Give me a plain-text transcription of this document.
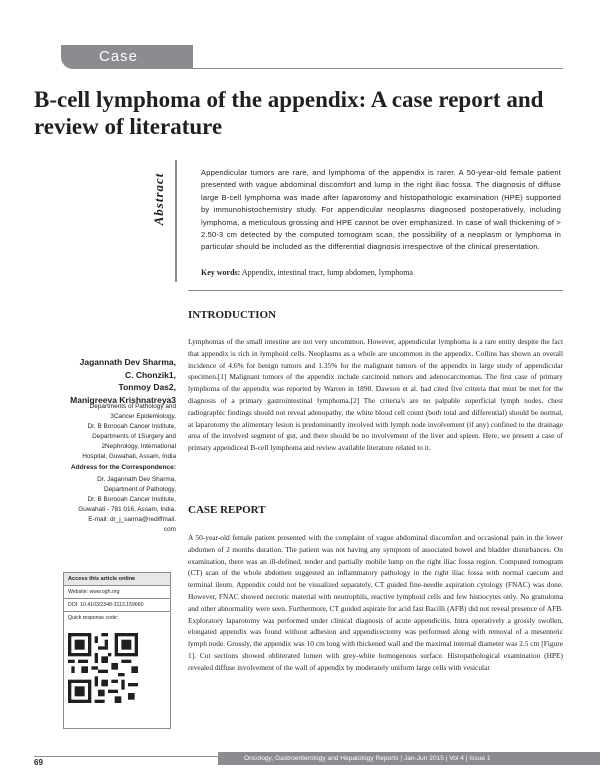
Case Report
B-cell lymphoma of the appendix: A case report and review of literature
Abstract

Appendicular tumors are rare, and lymphoma of the appendix is rarer. A 50-year-old female patient presented with vague abdominal discomfort and lump in the right iliac fossa. The diagnosis of diffuse large B-cell lymphoma was made after laparotomy and histopathologic examination (HPE) supported by immunohistochemistry study. For appendicular neoplasms diagnosed postoperatively, including lymphoma, a meticulous grossing and HPE cannot be over emphasized. In case of wall thickening of > 2.50-3 cm detected by the computed tomogram scan, the possibility of a neoplasm or lymphoma in particular should be included as the differential diagnosis irrespective of the clinical presentation.

Key words: Appendix, intestinal tract, lump abdomen, lymphoma

INTRODUCTION

Lymphomas of the small intestine are not very uncommon. However, appendicular lymphoma is a rare entity despite the fact that appendix is rich in lymphoid cells. Neoplasms as a whole are uncommon in the appendix. Collins has shown an overall incidence of 4.6% for benign tumors and 1.35% for the malignant tumors of the appendix in large study of appendicular specimen.[1] Malignant tumors of the appendix include carcinoid tumors and adenocarcinomas. The first case of primary lymphoma of the appendix was reported by Warren in 1898. Dawson et al. had cited five criteria that must be met for the diagnosis of a primary gastrointestinal lymphoma.[2] The criteria's are no palpable superficial lymph nodes, chest radiographic findings should not reveal adenopathy, the white blood cell count (both total and differential) should be normal, at laparotomy the alimentary lesion is predominantly involved with lymph node involvement (if any) confined to the drainage area of the involved segment of gut, and there should be no involvement of the liver and spleen. Here, we present a case of primary appendiceal B-cell lymphoma and review available literature related to it.

CASE REPORT

A 50-year-old female patient presented with the complaint of vague abdominal discomfort and occasional pain in the lower abdomen of 2 months duration. The patient was not having any symptom of associated bowel and bladder disturbances. On examination, there was an ill-defined, tender and partially mobile lump on the right iliac fossa region. Computed tomogram (CT) scan of the whole abdomen suggested an inflammatory pathology in the right iliac fossa with normal caecum and terminal ileum. Appendix could not be visualized separately. CT guided fine-needle aspiration cytology (FNAC) was done. However, FNAC showed necrotic material with neutrophils, reactive lymphoid cells and few histiocytes only. No granuloma and other abnormality were seen. Furthermore, CT guided aspirate for acid fast Bacilli (AFB) did not reveal presence of AFB. Exploratory laparotomy was performed under clinical diagnosis of acute appendicitis. Intra operatively a grossly swollen, elongated appendix was found without adhesion and appendicectomy was performed along with removal of a mesenteric lymph node. Grossly, the appendix was 10 cm long with thickened wall and the maximal internal diameter was 2.5 cm [Figure 1]. Cut sections showed obliterated lumen with grey-white homogenous surface. Histopathological examination (HPE) revealed diffuse involvement of the wall of appendix by moderately uniform large cells with vesicular

Jagannath Dev Sharma,
C. Chonzik1,
Tonmoy Das2,
Manigreeva Krishnatreya3
Departments of Pathology and
3Cancer Epidemiology,
Dr. B Borooah Cancer Institute,
Departments of 1Surgery and
2Nephrology, International
Hospital, Guwahati, Assam, India

Address for the Correspondence:

Dr. Jagannath Dev Sharma,
Department of Pathology,
Dr. B Borooah Cancer Institute,
Guwahati - 781 016, Assam, India.
E-mail: dr_j_sarma@rediffmail.
com
Access this article online
Website: www.ogh.org
DOI: 10.4103/2348-3113.159660
Quick response code:
Oncology, Gastroenterology and Hepatology Reports | Jan-Jun 2015 | Vol 4 | Issue 1
69
